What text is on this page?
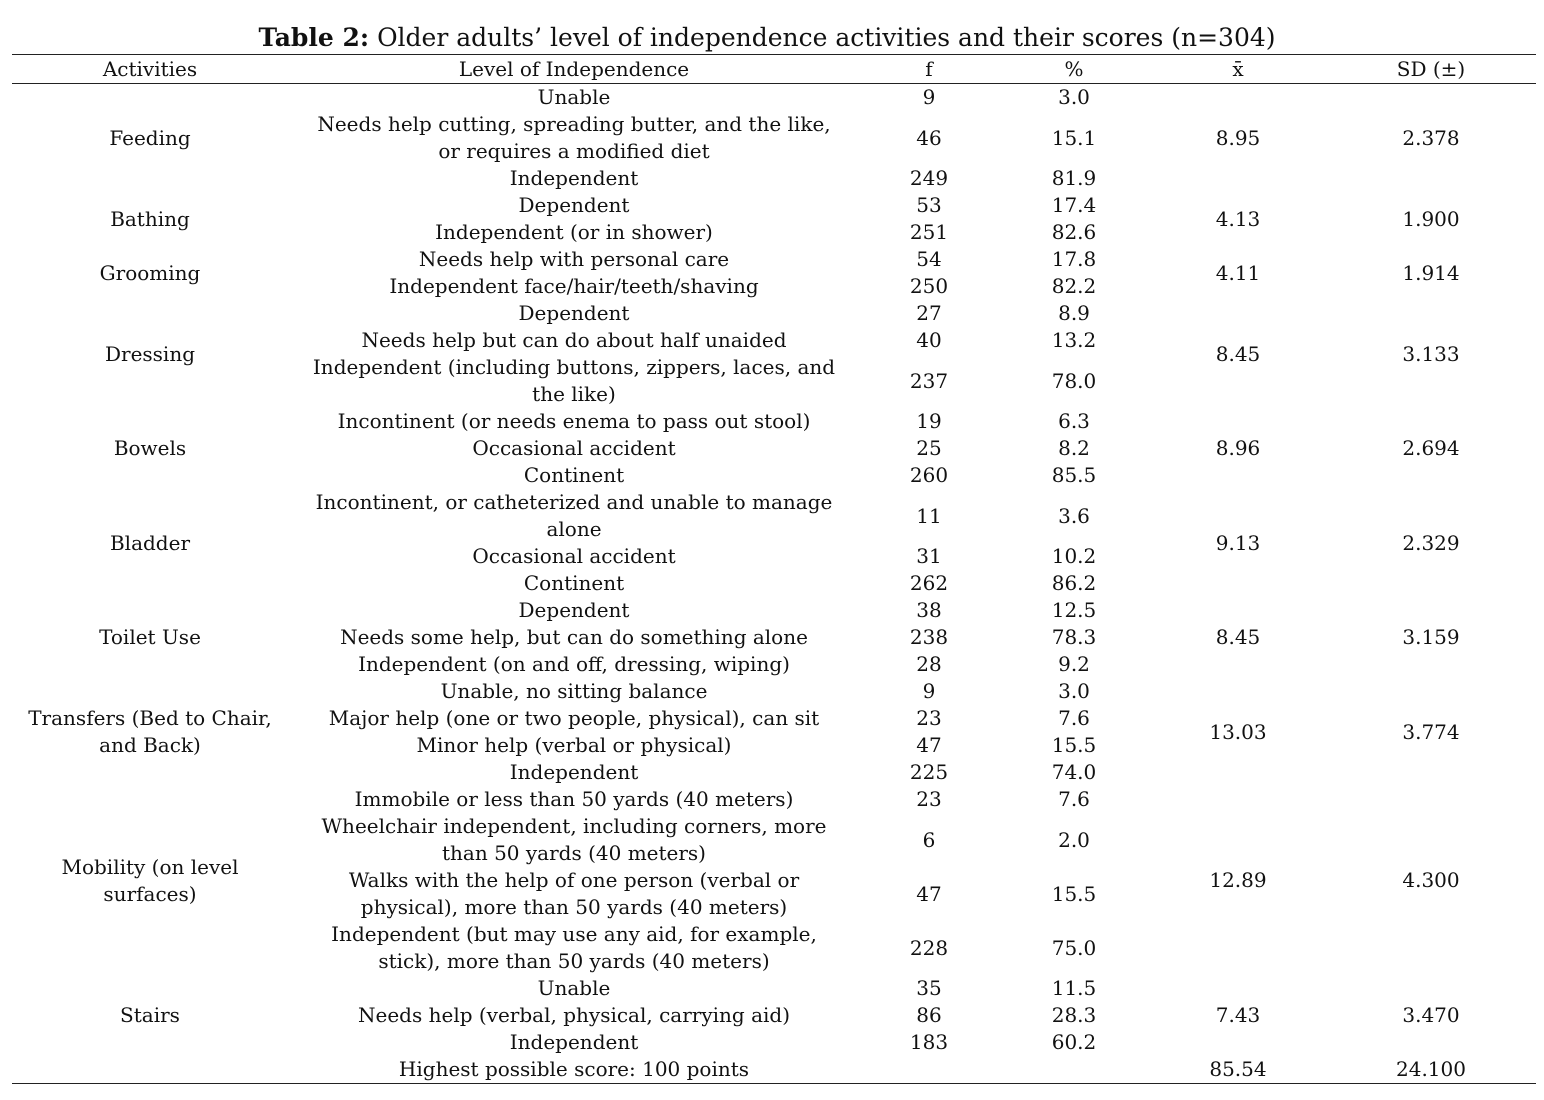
Table 2: Older adults’ level of independence activities and their scores (n=304)
Activities	Level of Independence	f	%	x̄	SD (±)
Feeding	Unable	9	3.0	8.95	2.378
	Needs help cutting, spreading butter, and the like, or requires a modified diet	46	15.1		
	Independent	249	81.9		
Bathing	Dependent	53	17.4	4.13	1.900
	Independent (or in shower)	251	82.6		
Grooming	Needs help with personal care	54	17.8	4.11	1.914
	Independent face/hair/teeth/shaving	250	82.2		
Dressing	Dependent	27	8.9	8.45	3.133
	Needs help but can do about half unaided	40	13.2		
	Independent (including buttons, zippers, laces, and the like)	237	78.0		
Bowels	Incontinent (or needs enema to pass out stool)	19	6.3	8.96	2.694
	Occasional accident	25	8.2		
	Continent	260	85.5		
Bladder	Incontinent, or catheterized and unable to manage alone	11	3.6	9.13	2.329
	Occasional accident	31	10.2		
	Continent	262	86.2		
Toilet Use	Dependent	38	12.5	8.45	3.159
	Needs some help, but can do something alone	238	78.3		
	Independent (on and off, dressing, wiping)	28	9.2		
Transfers (Bed to Chair, and Back)	Unable, no sitting balance	9	3.0	13.03	3.774
	Major help (one or two people, physical), can sit	23	7.6		
	Minor help (verbal or physical)	47	15.5		
	Independent	225	74.0		
Mobility (on level surfaces)	Immobile or less than 50 yards (40 meters)	23	7.6	12.89	4.300
	Wheelchair independent, including corners, more than 50 yards (40 meters)	6	2.0		
	Walks with the help of one person (verbal or physical), more than 50 yards (40 meters)	47	15.5		
	Independent (but may use any aid, for example, stick), more than 50 yards (40 meters)	228	75.0		
Stairs	Unable	35	11.5	7.43	3.470
	Needs help (verbal, physical, carrying aid)	86	28.3		
	Independent	183	60.2		
	Highest possible score: 100 points			85.54	24.100
